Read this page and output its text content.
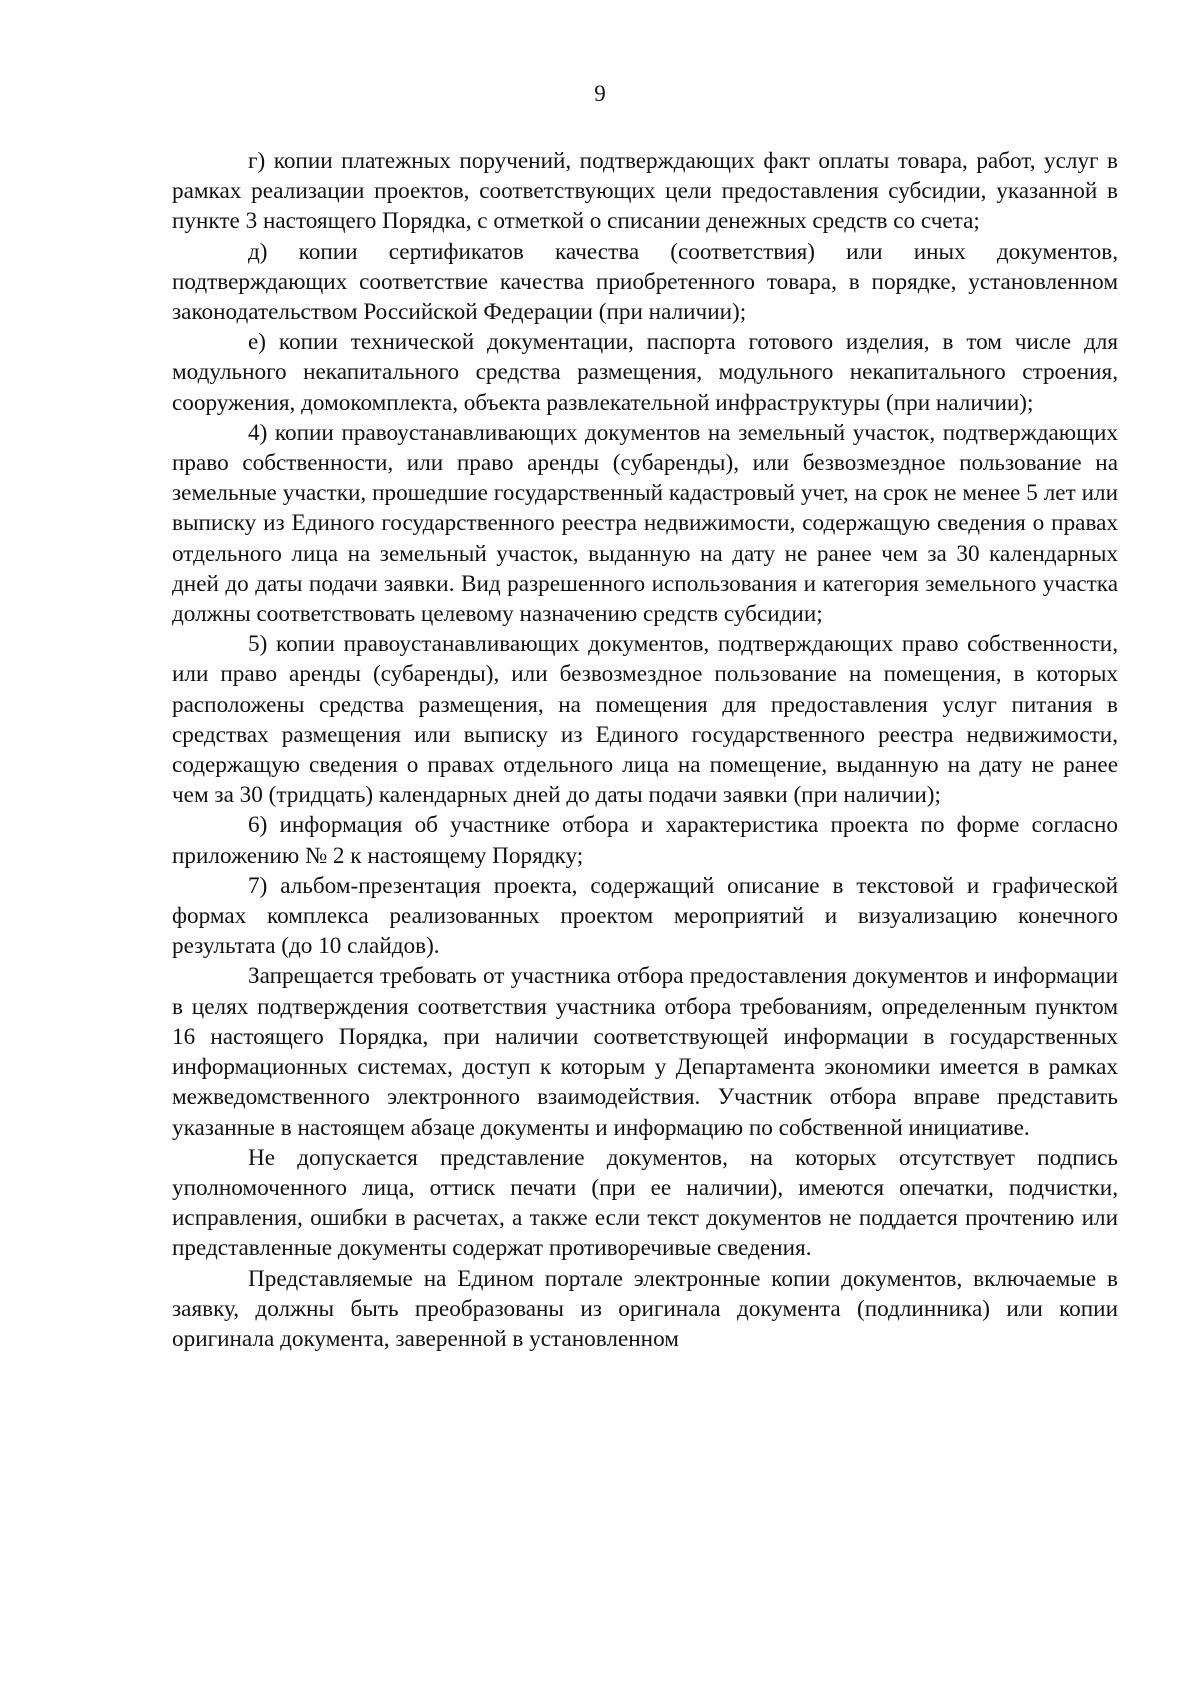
9

г) копии платежных поручений, подтверждающих факт оплаты товара, работ, услуг в рамках реализации проектов, соответствующих цели предоставления субсидии, указанной в пункте 3 настоящего Порядка, с отметкой о списании денежных средств со счета;

д) копии сертификатов качества (соответствия) или иных документов, подтверждающих соответствие качества приобретенного товара, в порядке, установленном законодательством Российской Федерации (при наличии);

е) копии технической документации, паспорта готового изделия, в том числе для модульного некапитального средства размещения, модульного некапитального строения, сооружения, домокомплекта, объекта развлекательной инфраструктуры (при наличии);

4) копии правоустанавливающих документов на земельный участок, подтверждающих право собственности, или право аренды (субаренды), или безвозмездное пользование на земельные участки, прошедшие государственный кадастровый учет, на срок не менее 5 лет или выписку из Единого государственного реестра недвижимости, содержащую сведения о правах отдельного лица на земельный участок, выданную на дату не ранее чем за 30 календарных дней до даты подачи заявки. Вид разрешенного использования и категория земельного участка должны соответствовать целевому назначению средств субсидии;

5) копии правоустанавливающих документов, подтверждающих право собственности, или право аренды (субаренды), или безвозмездное пользование на помещения, в которых расположены средства размещения, на помещения для предоставления услуг питания в средствах размещения или выписку из Единого государственного реестра недвижимости, содержащую сведения о правах отдельного лица на помещение, выданную на дату не ранее чем за 30 (тридцать) календарных дней до даты подачи заявки (при наличии);

6) информация об участнике отбора и характеристика проекта по форме согласно приложению № 2 к настоящему Порядку;

7) альбом-презентация проекта, содержащий описание в текстовой и графической формах комплекса реализованных проектом мероприятий и визуализацию конечного результата (до 10 слайдов).

Запрещается требовать от участника отбора предоставления документов и информации в целях подтверждения соответствия участника отбора требованиям, определенным пунктом 16 настоящего Порядка, при наличии соответствующей информации в государственных информационных системах, доступ к которым у Департамента экономики имеется в рамках межведомственного электронного взаимодействия. Участник отбора вправе представить указанные в настоящем абзаце документы и информацию по собственной инициативе.

Не допускается представление документов, на которых отсутствует подпись уполномоченного лица, оттиск печати (при ее наличии), имеются опечатки, подчистки, исправления, ошибки в расчетах, а также если текст документов не поддается прочтению или представленные документы содержат противоречивые сведения.

Представляемые на Едином портале электронные копии документов, включаемые в заявку, должны быть преобразованы из оригинала документа (подлинника) или копии оригинала документа, заверенной в установленном
